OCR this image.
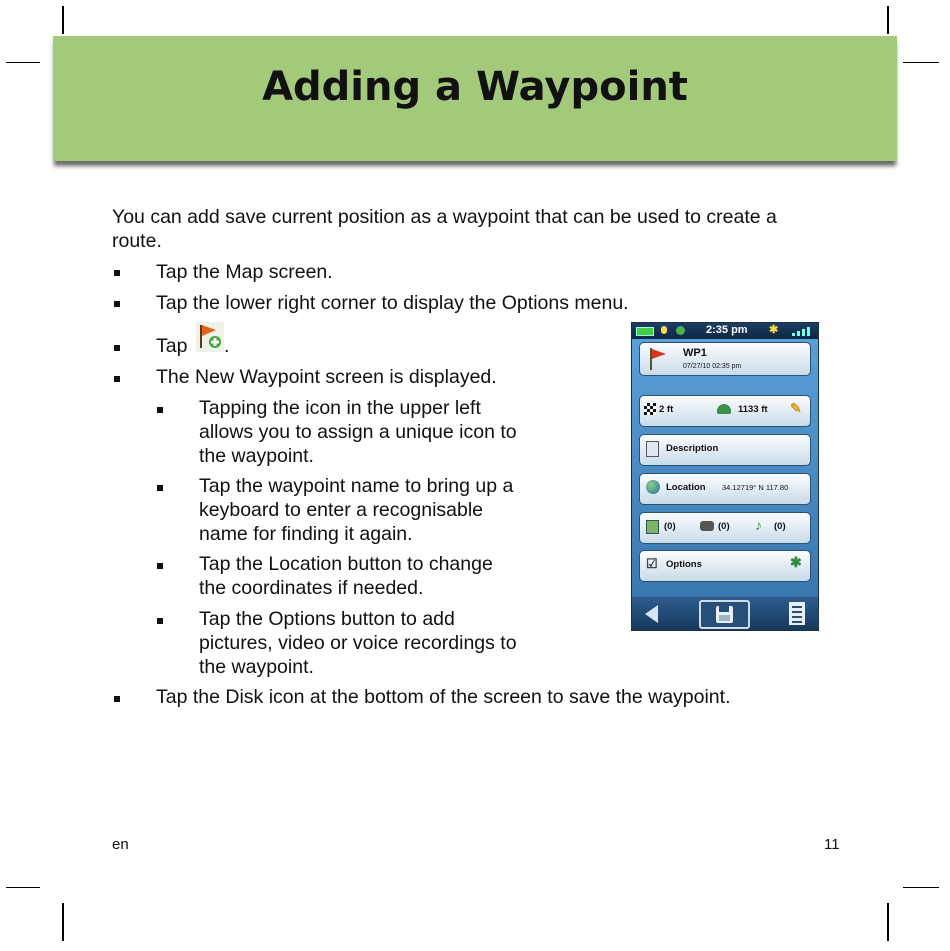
Adding a Waypoint
You can add save current position as a waypoint that can be used to create a
route.
Tap the Map screen.
Tap the lower right corner to display the Options menu.
Tap .
The New Waypoint screen is displayed.
Tapping the icon in the upper left
allows you to assign a unique icon to
the waypoint.
Tap the waypoint name to bring up a
keyboard to enter a recognisable
name for finding it again.
Tap the Location button to change
the coordinates if needed.
Tap the Options button to add
pictures, video or voice recordings to
the waypoint.
Tap the Disk icon at the bottom of the screen to save the waypoint.
2:35 pm ✱
WP1
07/27/10 02:35 pm
2 ft	1133 ft ✎
Description
Location 34.12719° N 117.80
(0)	(0) ♪ (0)
☑ Options	✱
en	11
